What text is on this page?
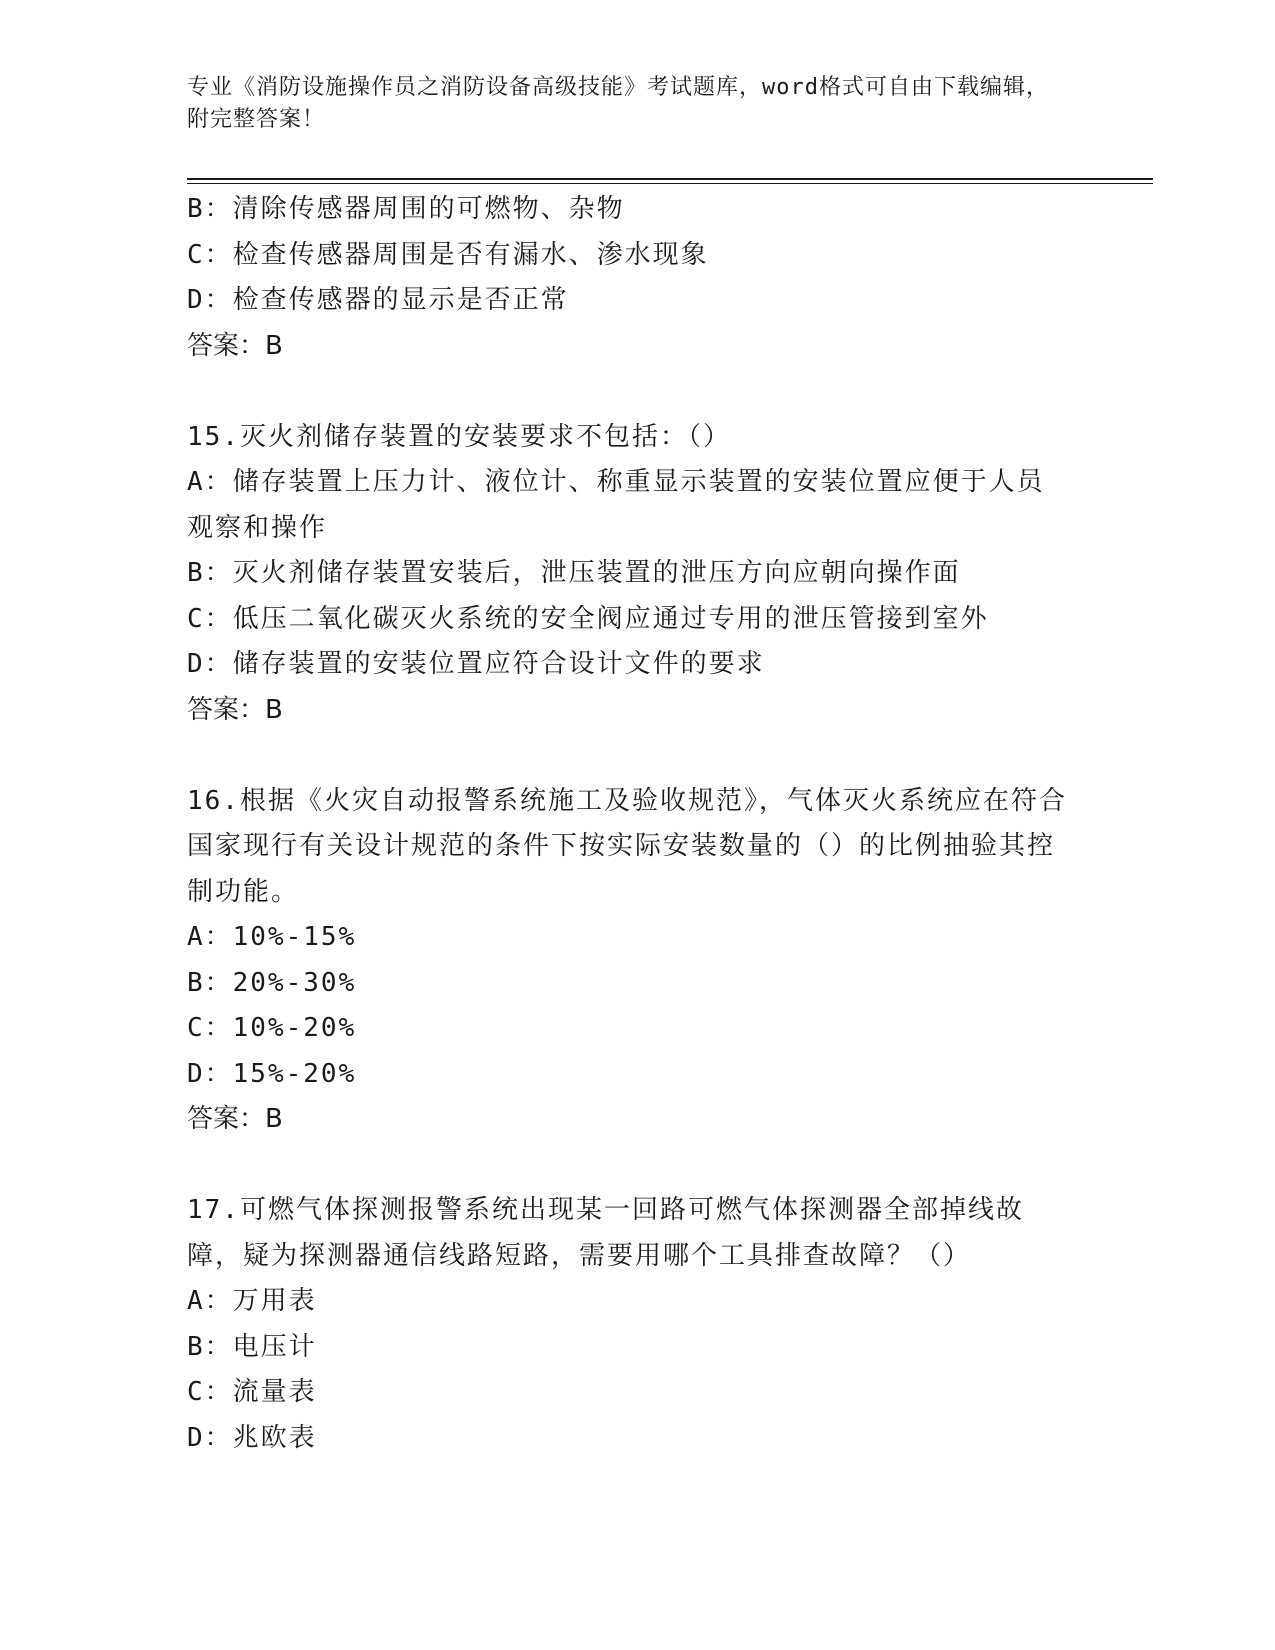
专业《消防设施操作员之消防设备高级技能》考试题库，word格式可自由下载编辑，附完整答案！
B：清除传感器周围的可燃物、杂物
C：检查传感器周围是否有漏水、渗水现象
D：检查传感器的显示是否正常
答案：B
15.灭火剂储存装置的安装要求不包括：（）
A：储存装置上压力计、液位计、称重显示装置的安装位置应便于人员观察和操作
B：灭火剂储存装置安装后，泄压装置的泄压方向应朝向操作面
C：低压二氧化碳灭火系统的安全阀应通过专用的泄压管接到室外
D：储存装置的安装位置应符合设计文件的要求
答案：B
16.根据《火灾自动报警系统施工及验收规范》，气体灭火系统应在符合国家现行有关设计规范的条件下按实际安装数量的（）的比例抽验其控制功能。
A：10%-15%
B：20%-30%
C：10%-20%
D：15%-20%
答案：B
17.可燃气体探测报警系统出现某一回路可燃气体探测器全部掉线故障，疑为探测器通信线路短路，需要用哪个工具排查故障？（）
A：万用表
B：电压计
C：流量表
D：兆欧表
